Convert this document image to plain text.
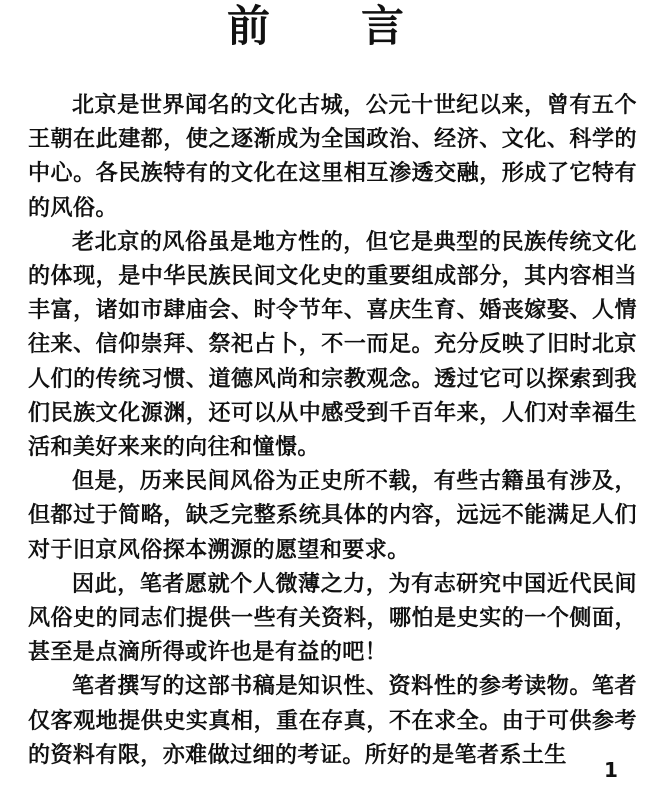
前　言

北京是世界闻名的文化古城，公元十世纪以来，曾有五个王朝在此建都，使之逐渐成为全国政治、经济、文化、科学的中心。各民族特有的文化在这里相互渗透交融，形成了它特有的风俗。

老北京的风俗虽是地方性的，但它是典型的民族传统文化的体现，是中华民族民间文化史的重要组成部分，其内容相当丰富，诸如市肆庙会、时令节年、喜庆生育、婚丧嫁娶、人情往来、信仰崇拜、祭祀占卜，不一而足。充分反映了旧时北京人们的传统习惯、道德风尚和宗教观念。透过它可以探索到我们民族文化源渊，还可以从中感受到千百年来，人们对幸福生活和美好来来的向往和憧憬。

但是，历来民间风俗为正史所不载，有些古籍虽有涉及，但都过于简略，缺乏完整系统具体的内容，远远不能满足人们对于旧京风俗探本溯源的愿望和要求。

因此，笔者愿就个人微薄之力，为有志研究中国近代民间风俗史的同志们提供一些有关资料，哪怕是史实的一个侧面，甚至是点滴所得或许也是有益的吧！

笔者撰写的这部书稿是知识性、资料性的参考读物。笔者仅客观地提供史实真相，重在存真，不在求全。由于可供参考的资料有限，亦难做过细的考证。所好的是笔者系土生

1
